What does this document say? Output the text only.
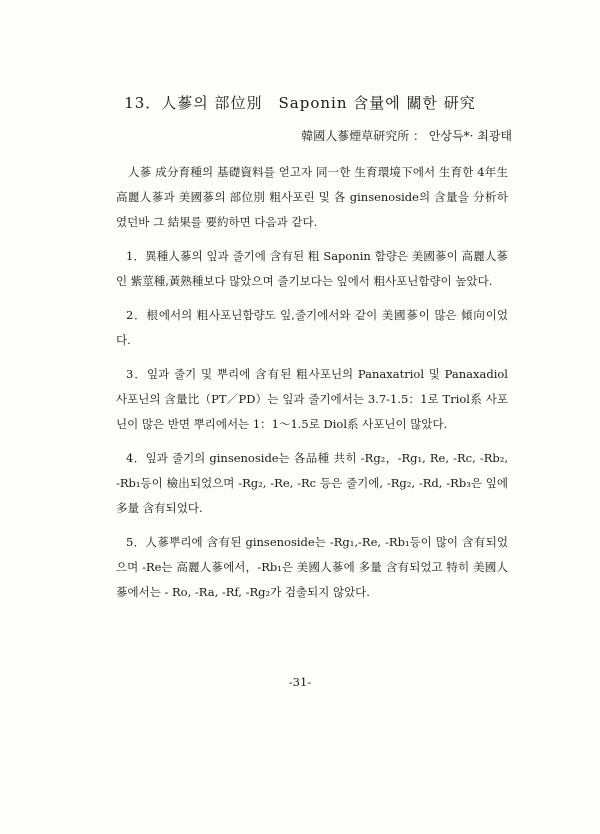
13．人蔘의 部位別　Saponin 含量에 關한 研究
韓國人蔘煙草研究所 ： 안상득*· 최광태

人蔘 成分育種의 基礎資料를 얻고자 同一한 生育環境下에서 生育한 4年生 高麗人蔘과 美國蔘의 部位別 粗사포린 및 各 ginsenoside의 含量을 分析하였던바 그 結果를 要約하면 다음과 같다.

1．異種人蔘의 잎과 줄기에 含有된 粗 Saponin 함량은 美國蔘이 高麗人蔘인 紫莖種,黃熟種보다 많았으며 줄기보다는 잎에서 粗사포닌함량이 높았다.

2．根에서의 粗사포닌함량도 잎,줄기에서와 같이 美國蔘이 많은 傾向이었다.

3．잎과 줄기 및 뿌리에 含有된 粗사포닌의 Panaxatriol 및 Panaxadiol 사포닌의 含量比（PT／PD）는 잎과 줄기에서는 3.7-1.5：1로 Triol系 사포닌이 많은 반면 뿌리에서는 1：1～1.5로 Diol系 사포닌이 많았다.

4．잎과 줄기의 ginsenoside는 各品種 共히 -Rg₂，-Rg₁, Re, -Rc, -Rb₂, -Rb₁등이 檢出되었으며 -Rg₂, -Re, -Rc 등은 줄기에, -Rg₂, -Rd, -Rb₃은 잎에 多量 含有되었다.

5．人蔘뿌리에 含有된 ginsenoside는 -Rg₁,-Re, -Rb₁등이 많이 含有되었으며 -Re는 高麗人蔘에서，-Rb₁은 美國人蔘에 多量 含有되었고 特히 美國人蔘에서는 - Ro, -Ra, -Rf, -Rg₂가 검출되지 않았다.

-31-
